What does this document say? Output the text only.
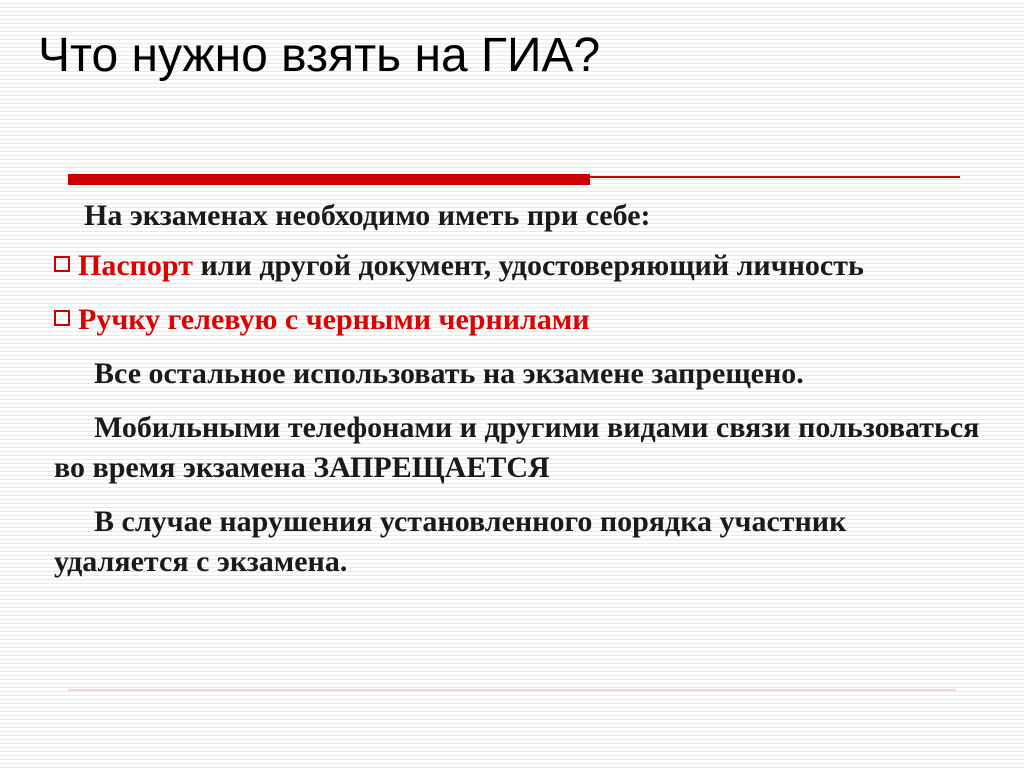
Что нужно взять на ГИА?

На экзаменах необходимо иметь при себе:

Паспорт или другой документ, удостоверяющий личность

Ручку гелевую с черными чернилами

Все остальное использовать на экзамене запрещено.

Мобильными телефонами и другими видами связи пользоваться во время экзамена ЗАПРЕЩАЕТСЯ

В случае нарушения установленного порядка участник удаляется с экзамена.
